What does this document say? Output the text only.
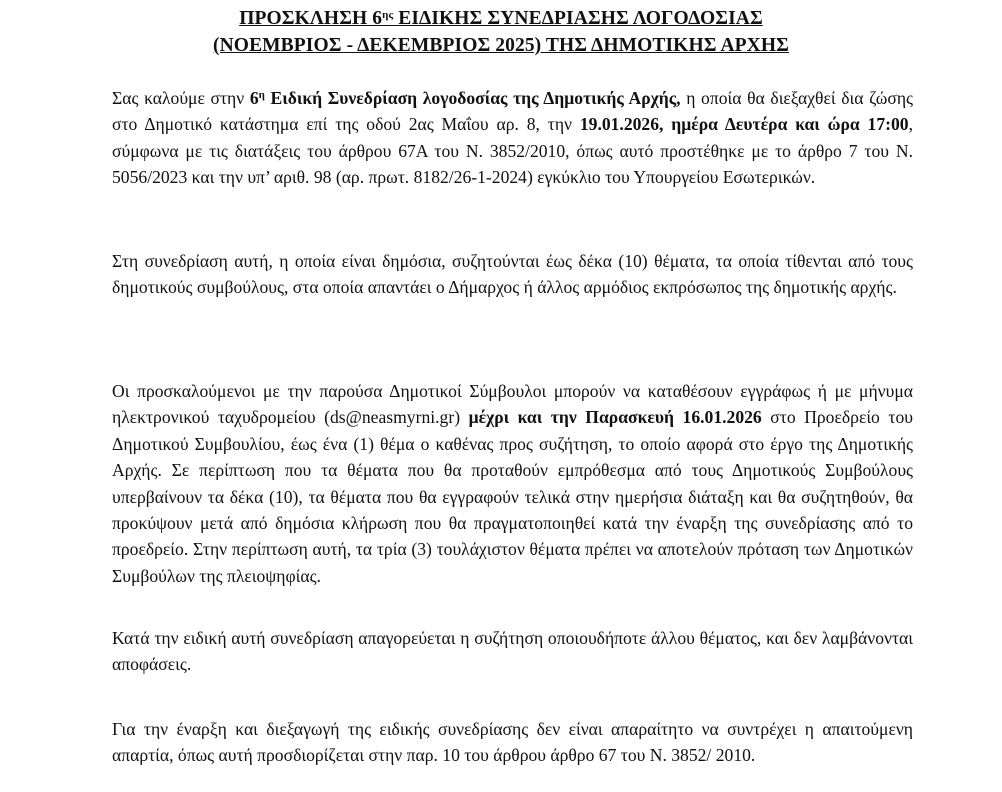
ΠΡΟΣΚΛΗΣΗ $6^{\eta\varsigma}$ ΕΙΔΙΚΗΣ ΣΥΝΕΔΡΙΑΣΗΣ ΛΟΓΟΔΟΣΙΑΣ
(ΝΟΕΜΒΡΙΟΣ - ΔΕΚΕΜΒΡΙΟΣ 2025) ΤΗΣ ΔΗΜΟΤΙΚΗΣ ΑΡΧΗΣ

Σας καλούμε στην $6^\eta$ Ειδική Συνεδρίαση λογοδοσίας της Δημοτικής Αρχής, η οποία θα διεξαχθεί δια ζώσης στο Δημοτικό κατάστημα επί της οδού 2ας Μαΐου αρ. 8, την 19.01.2026, ημέρα Δευτέρα και ώρα 17:00, σύμφωνα με τις διατάξεις του άρθρου 67Α του Ν. 3852/2010, όπως αυτό προστέθηκε με το άρθρο 7 του Ν. 5056/2023 και την υπ’ αριθ. 98 (αρ. πρωτ. 8182/26-1-2024) εγκύκλιο του Υπουργείου Εσωτερικών.

Στη συνεδρίαση αυτή, η οποία είναι δημόσια, συζητούνται έως δέκα (10) θέματα, τα οποία τίθενται από τους δημοτικούς συμβούλους, στα οποία απαντάει ο Δήμαρχος ή άλλος αρμόδιος εκπρόσωπος της δημοτικής αρχής.

Οι προσκαλούμενοι με την παρούσα Δημοτικοί Σύμβουλοι μπορούν να καταθέσουν εγγράφως ή με μήνυμα ηλεκτρονικού ταχυδρομείου (ds@neasmyrni.gr) μέχρι και την Παρασκευή 16.01.2026 στο Προεδρείο του Δημοτικού Συμβουλίου, έως ένα (1) θέμα ο καθένας προς συζήτηση, το οποίο αφορά στο έργο της Δημοτικής Αρχής. Σε περίπτωση που τα θέματα που θα προταθούν εμπρόθεσμα από τους Δημοτικούς Συμβούλους υπερβαίνουν τα δέκα (10), τα θέματα που θα εγγραφούν τελικά στην ημερήσια διάταξη και θα συζητηθούν, θα προκύψουν μετά από δημόσια κλήρωση που θα πραγματοποιηθεί κατά την έναρξη της συνεδρίασης από το προεδρείο. Στην περίπτωση αυτή, τα τρία (3) τουλάχιστον θέματα πρέπει να αποτελούν πρόταση των Δημοτικών Συμβούλων της πλειοψηφίας.

Κατά την ειδική αυτή συνεδρίαση απαγορεύεται η συζήτηση οποιουδήποτε άλλου θέματος, και δεν λαμβάνονται αποφάσεις.

Για την έναρξη και διεξαγωγή της ειδικής συνεδρίασης δεν είναι απαραίτητο να συντρέχει η απαιτούμενη απαρτία, όπως αυτή προσδιορίζεται στην παρ. 10 του άρθρου άρθρο 67 του Ν. 3852/ 2010.
